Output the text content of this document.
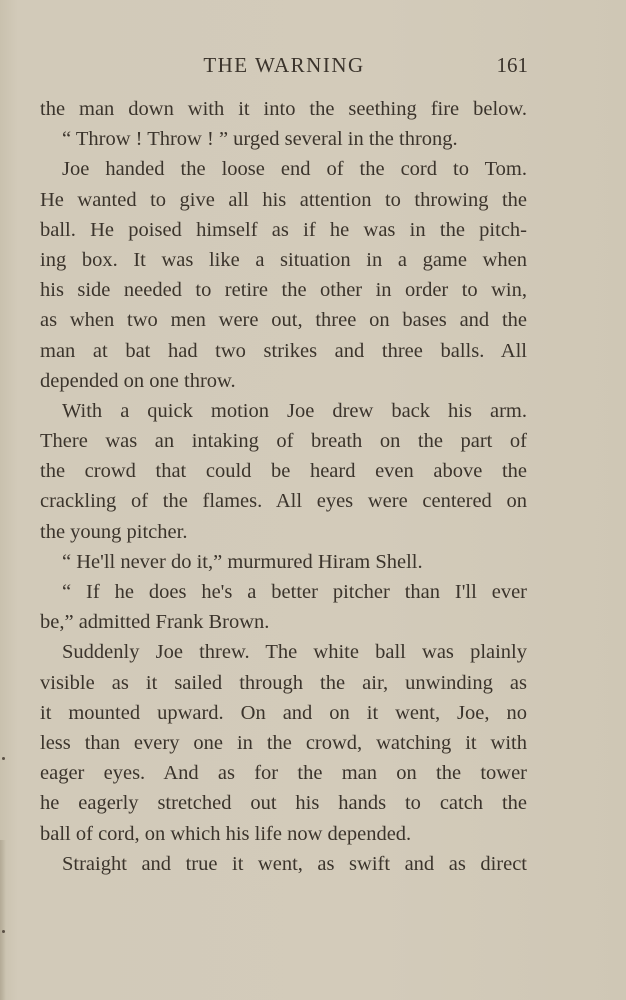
THE WARNING	161
the man down with it into the seething fire below.
“ Throw ! Throw ! ” urged several in the throng.
Joe handed the loose end of the cord to Tom.
He wanted to give all his attention to throwing the
ball. He poised himself as if he was in the pitch-
ing box. It was like a situation in a game when
his side needed to retire the other in order to win,
as when two men were out, three on bases and the
man at bat had two strikes and three balls. All
depended on one throw.
With a quick motion Joe drew back his arm.
There was an intaking of breath on the part of
the crowd that could be heard even above the
crackling of the flames. All eyes were centered on
the young pitcher.
“ He'll never do it,” murmured Hiram Shell.
“ If he does he's a better pitcher than I'll ever
be,” admitted Frank Brown.
Suddenly Joe threw. The white ball was plainly
visible as it sailed through the air, unwinding as
it mounted upward. On and on it went, Joe, no
less than every one in the crowd, watching it with
eager eyes. And as for the man on the tower
he eagerly stretched out his hands to catch the
ball of cord, on which his life now depended.
Straight and true it went, as swift and as direct
